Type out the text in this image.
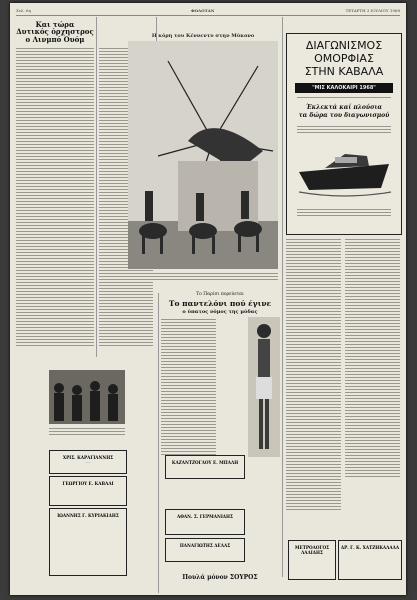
Σελ. 6η	ΦΩΛΟΤΑΝ	ΤΕΤΑΡΤΗ 3 ΙΟΥΛΙΟΥ 1968
Και τώρα
Δυτικός όρχηστρος
ο Λινμπό Ουόμ	Η κόρη του Κέννεντυ στην Μύκονο
Το Παρίσι πορεύεται
Το παντελόνι πού έγινε
ο ύπατος νόμος της μόδας
ΧΡΙΣ. ΚΑΡΑΓΙΑΝΝΗΣ
·····
ΓΕΩΡΓΙΟΥ Ε. ΚΑΒΑΛΙ
ΙΩΑΝΝΗΣ Γ. ΚΥΡΙΑΚΙΔΗΣ
ΚΑΖΑΝΤΖΟΓΛΟΥ Ε. ΜΠΑΛΗ
ΑΘΑΝ. Σ. ΓΕΡΜΑΝΙΔΗΣ
ΠΑΝΑΓΙΩΤΗΣ ΔΕΛΑΣ
Πουλά μόνον ΣΟΥΡΟΣ
ΔΙΑΓΩΝΙΣΜΟΣ
ΟΜΟΡΦΙΑΣ
ΣΤΗΝ ΚΑΒΑΛΑ
"ΜΙΣ ΚΑΛΟΚΑΙΡΙ 1968"
Έκλεκτά καί πλούσια
τα δώρα του διαγωνισμού
ΜΕΤΡΟΛΟΓΟΣ ΛΑΛΙΔΗΣ
ΔΡ. Γ. Κ. ΧΑΤΖΗΚΑΛΑΛΑ
